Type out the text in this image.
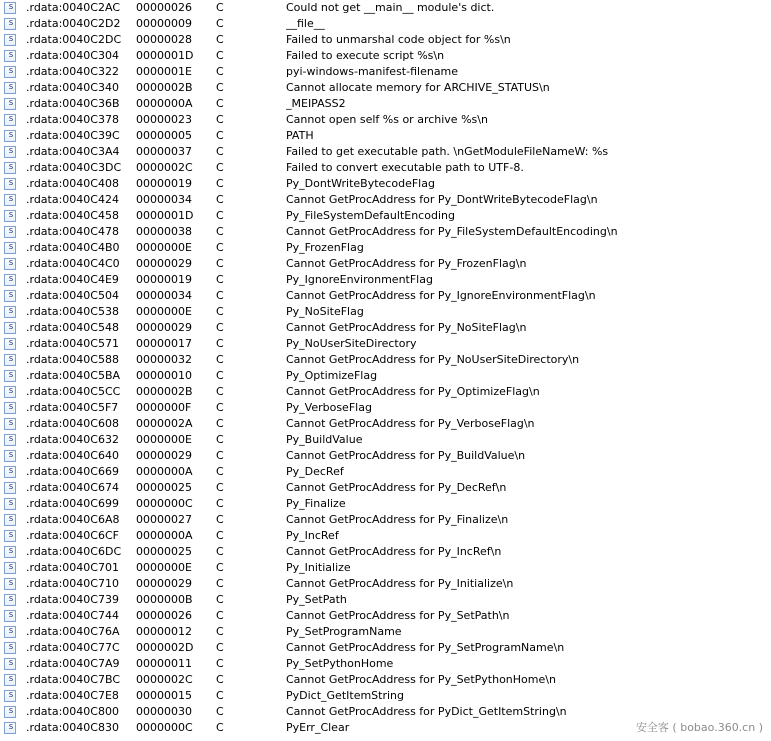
s	.rdata:0040C2AC	00000026	C	Could not get __main__ module's dict.
s	.rdata:0040C2D2	00000009	C	__file__
s	.rdata:0040C2DC	00000028	C	Failed to unmarshal code object for %s\n
s	.rdata:0040C304	0000001D	C	Failed to execute script %s\n
s	.rdata:0040C322	0000001E	C	pyi-windows-manifest-filename
s	.rdata:0040C340	0000002B	C	Cannot allocate memory for ARCHIVE_STATUS\n
s	.rdata:0040C36B	0000000A	C	_MEIPASS2
s	.rdata:0040C378	00000023	C	Cannot open self %s or archive %s\n
s	.rdata:0040C39C	00000005	C	PATH
s	.rdata:0040C3A4	00000037	C	Failed to get executable path. \nGetModuleFileNameW: %s
s	.rdata:0040C3DC	0000002C	C	Failed to convert executable path to UTF-8.
s	.rdata:0040C408	00000019	C	Py_DontWriteBytecodeFlag
s	.rdata:0040C424	00000034	C	Cannot GetProcAddress for Py_DontWriteBytecodeFlag\n
s	.rdata:0040C458	0000001D	C	Py_FileSystemDefaultEncoding
s	.rdata:0040C478	00000038	C	Cannot GetProcAddress for Py_FileSystemDefaultEncoding\n
s	.rdata:0040C4B0	0000000E	C	Py_FrozenFlag
s	.rdata:0040C4C0	00000029	C	Cannot GetProcAddress for Py_FrozenFlag\n
s	.rdata:0040C4E9	00000019	C	Py_IgnoreEnvironmentFlag
s	.rdata:0040C504	00000034	C	Cannot GetProcAddress for Py_IgnoreEnvironmentFlag\n
s	.rdata:0040C538	0000000E	C	Py_NoSiteFlag
s	.rdata:0040C548	00000029	C	Cannot GetProcAddress for Py_NoSiteFlag\n
s	.rdata:0040C571	00000017	C	Py_NoUserSiteDirectory
s	.rdata:0040C588	00000032	C	Cannot GetProcAddress for Py_NoUserSiteDirectory\n
s	.rdata:0040C5BA	00000010	C	Py_OptimizeFlag
s	.rdata:0040C5CC	0000002B	C	Cannot GetProcAddress for Py_OptimizeFlag\n
s	.rdata:0040C5F7	0000000F	C	Py_VerboseFlag
s	.rdata:0040C608	0000002A	C	Cannot GetProcAddress for Py_VerboseFlag\n
s	.rdata:0040C632	0000000E	C	Py_BuildValue
s	.rdata:0040C640	00000029	C	Cannot GetProcAddress for Py_BuildValue\n
s	.rdata:0040C669	0000000A	C	Py_DecRef
s	.rdata:0040C674	00000025	C	Cannot GetProcAddress for Py_DecRef\n
s	.rdata:0040C699	0000000C	C	Py_Finalize
s	.rdata:0040C6A8	00000027	C	Cannot GetProcAddress for Py_Finalize\n
s	.rdata:0040C6CF	0000000A	C	Py_IncRef
s	.rdata:0040C6DC	00000025	C	Cannot GetProcAddress for Py_IncRef\n
s	.rdata:0040C701	0000000E	C	Py_Initialize
s	.rdata:0040C710	00000029	C	Cannot GetProcAddress for Py_Initialize\n
s	.rdata:0040C739	0000000B	C	Py_SetPath
s	.rdata:0040C744	00000026	C	Cannot GetProcAddress for Py_SetPath\n
s	.rdata:0040C76A	00000012	C	Py_SetProgramName
s	.rdata:0040C77C	0000002D	C	Cannot GetProcAddress for Py_SetProgramName\n
s	.rdata:0040C7A9	00000011	C	Py_SetPythonHome
s	.rdata:0040C7BC	0000002C	C	Cannot GetProcAddress for Py_SetPythonHome\n
s	.rdata:0040C7E8	00000015	C	PyDict_GetItemString
s	.rdata:0040C800	00000030	C	Cannot GetProcAddress for PyDict_GetItemString\n
s	.rdata:0040C830	0000000C	C	PyErr_Clear	安全客 ( bobao.360.cn )
